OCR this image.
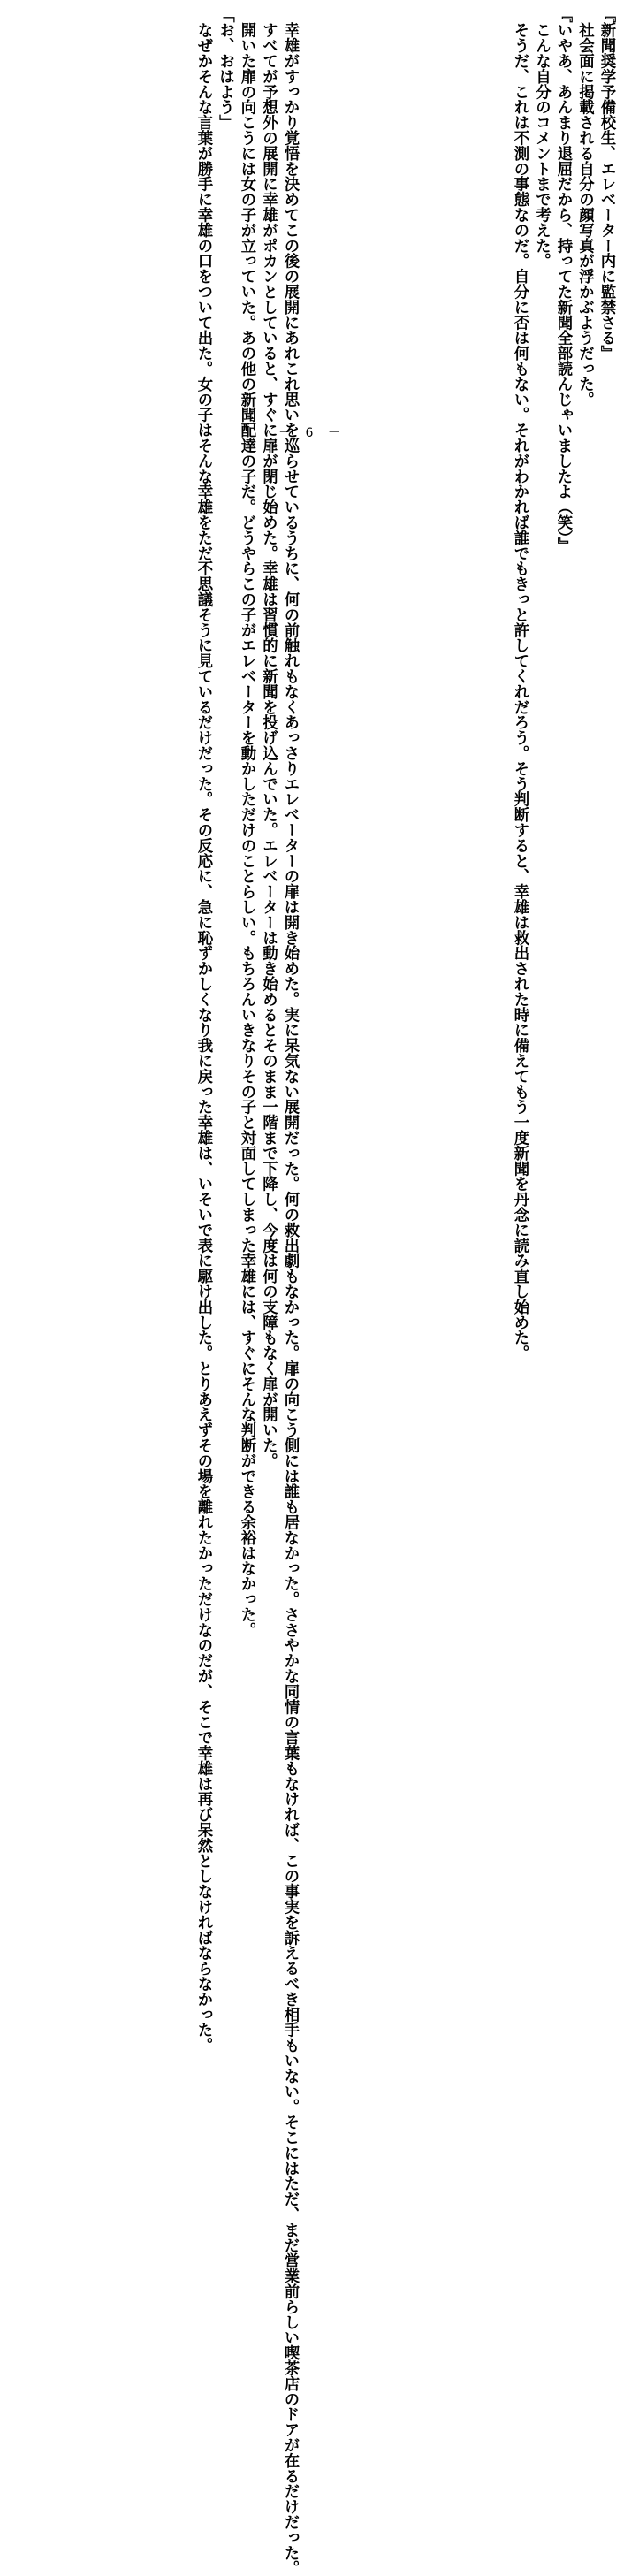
『新聞奨学予備校生、エレベーター内に監禁さる』

　社会面に掲載される自分の顔写真が浮かぶようだった。

『いやあ、あんまり退屈だから、持ってた新聞全部読んじゃいましたよ（笑）』

　こんな自分のコメントまで考えた。

　そうだ、これは不測の事態なのだ。自分に否は何もない。それがわかれば誰でもきっと許してくれだろう。そう判断すると、幸雄は救出された時に備えてもう一度新聞を丹念に読み直し始めた。

　幸雄がすっかり覚悟を決めてこの後の展開にあれこれ思いを巡らせているうちに、何の前触れもなくあっさりエレベーターの扉は開き始めた。実に呆気ない展開だった。何の救出劇もなかった。扉の向こう側には誰も居なかった。ささやかな同情の言葉もなければ、この事実を訴えるべき相手もいない。そこにはただ、まだ営業前らしい喫茶店のドアが在るだけだった。

　すべてが予想外の展開に幸雄がポカンとしていると、すぐに扉が閉じ始めた。幸雄は習慣的に新聞を投げ込んでいた。エレベーターは動き始めるとそのまま一階まで下降し、今度は何の支障もなく扉が開いた。

　開いた扉の向こうには女の子が立っていた。あの他の新聞配達の子だ。どうやらこの子がエレベーターを動かしただけのことらしい。もちろんいきなりその子と対面してしまった幸雄には、すぐにそんな判断ができる余裕はなかった。

「お、おはよう」

　なぜかそんな言葉が勝手に幸雄の口をついて出た。女の子はそんな幸雄をただ不思議そうに見ているだけだった。その反応に、急に恥ずかしくなり我に戻った幸雄は、いそいで表に駆け出した。とりあえずその場を離れたかっただけなのだが、そこで幸雄は再び呆然としなければならなかった。	－ 6 －
